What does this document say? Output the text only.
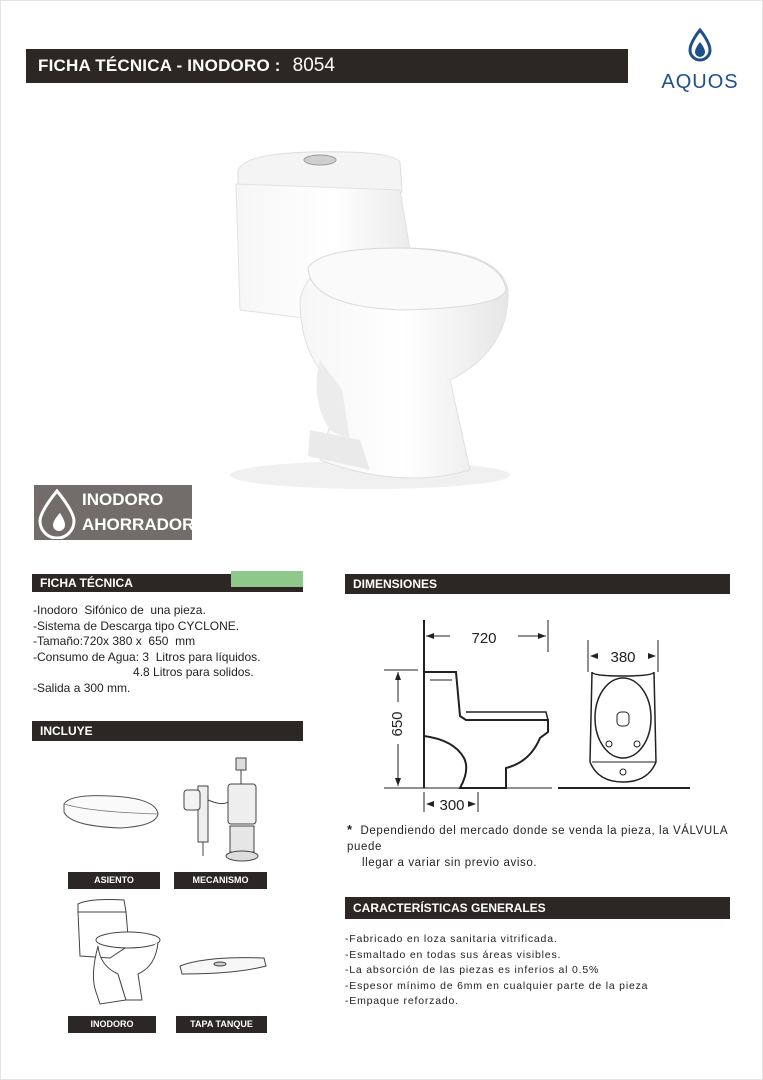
FICHA TÉCNICA - INODORO : 8054
AQUOS
INODORO
AHORRADOR
FICHA TÉCNICA
-Inodoro  Sifónico de  una pieza.
-Sistema de Descarga tipo CYCLONE.
-Tamaño:720x 380 x  650  mm
-Consumo de Agua: 3  Litros para líquidos.
4.8 Litros para solidos.
-Salida a 300 mm.
INCLUYE
ASIENTO	MECANISMO INTERNO
INODORO	TAPA TANQUE
DIMENSIONES
720
650
300
380
* Dependiendo del mercado donde se venda la pieza, la VÁLVULA puede
llegar a variar sin previo aviso.
CARACTERÍSTICAS GENERALES
-Fabricado en loza sanitaria vitrificada.
-Esmaltado en todas sus áreas visibles.
-La absorción de las piezas es inferios al 0.5%
-Espesor mínimo de 6mm en cualquier parte de la pieza
-Empaque reforzado.
